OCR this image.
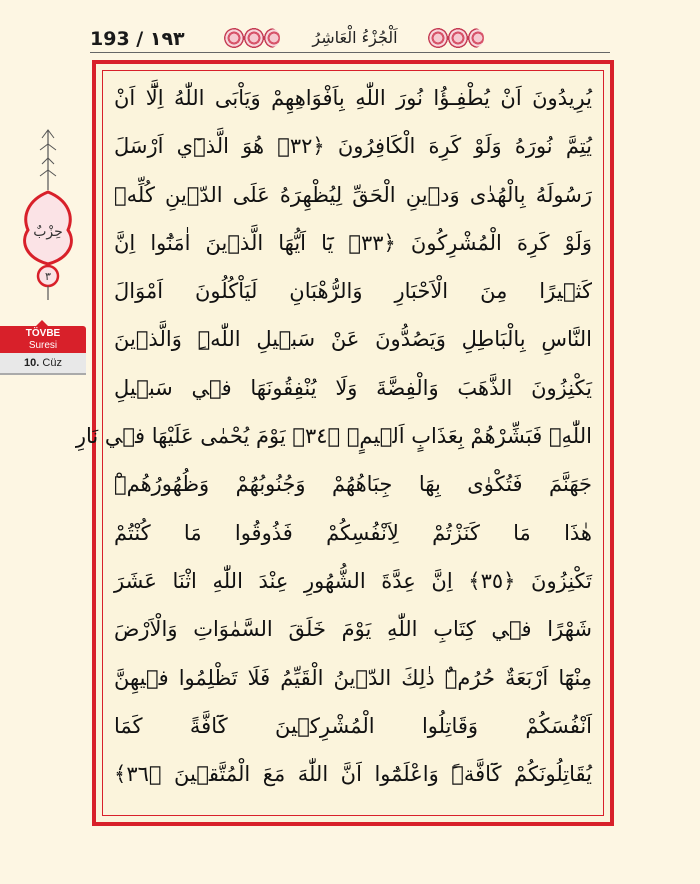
193 / ١٩٣	اَلْجُزْءُ الْعَاشِرُ
حِزْبٌ
٣
TÖVBE
Suresi
10. Cüz
يُرِيدُونَ اَنْ يُطْفِـؤُا نُورَ اللّٰهِ بِاَفْوَاهِهِمْ وَيَاْبَى اللّٰهُ اِلَّٓا اَنْ
يُتِمَّ نُورَهُ وَلَوْ كَرِهَ الْكَافِرُونَ ﴿٣٢﴾ هُوَ الَّذ۪ٓي اَرْسَلَ
رَسُولَهُ بِالْهُدٰى وَد۪ينِ الْحَقِّ لِيُظْهِرَهُ عَلَى الدّ۪ينِ كُلِّه۪
وَلَوْ كَرِهَ الْمُشْرِكُونَ ﴿٣٣﴾ يَٓا اَيُّهَا الَّذ۪ينَ اٰمَنُٓوا اِنَّ
كَث۪يرًا مِنَ الْاَحْبَارِ وَالرُّهْبَانِ لَيَاْكُلُونَ اَمْوَالَ
النَّاسِ بِالْبَاطِلِ وَيَصُدُّونَ عَنْ سَب۪يلِ اللّٰهِۜ وَالَّذ۪ينَ
يَكْنِزُونَ الذَّهَبَ وَالْفِضَّةَ وَلَا يُنْفِقُونَهَا ف۪ي سَب۪يلِ
اللّٰهِۙ فَبَشِّرْهُمْ بِعَذَابٍ اَل۪يمٍۙ ﴿٣٤﴾ يَوْمَ يُحْمٰى عَلَيْهَا ف۪ي نَارِ
جَهَنَّمَ فَتُكْوٰى بِهَا جِبَاهُهُمْ وَجُنُوبُهُمْ وَظُهُورُهُمْۜ
هٰذَا مَا كَنَزْتُمْ لِاَنْفُسِكُمْ فَذُوقُوا مَا كُنْتُمْ
تَكْنِزُونَ ﴿٣٥﴾ اِنَّ عِدَّةَ الشُّهُورِ عِنْدَ اللّٰهِ اثْنَا عَشَرَ
شَهْرًا ف۪ي كِتَابِ اللّٰهِ يَوْمَ خَلَقَ السَّمٰوَاتِ وَالْاَرْضَ
مِنْهَٓا اَرْبَعَةٌ حُرُمٌۜ ذٰلِكَ الدّ۪ينُ الْقَيِّمُ فَلَا تَظْلِمُوا ف۪يهِنَّ
اَنْفُسَكُمْ وَقَاتِلُوا الْمُشْرِك۪ينَ كَٓافَّةً كَمَا
يُقَاتِلُونَكُمْ كَٓافَّةًۜ وَاعْلَمُٓوا اَنَّ اللّٰهَ مَعَ الْمُتَّق۪ينَ ﴿٣٦﴾
